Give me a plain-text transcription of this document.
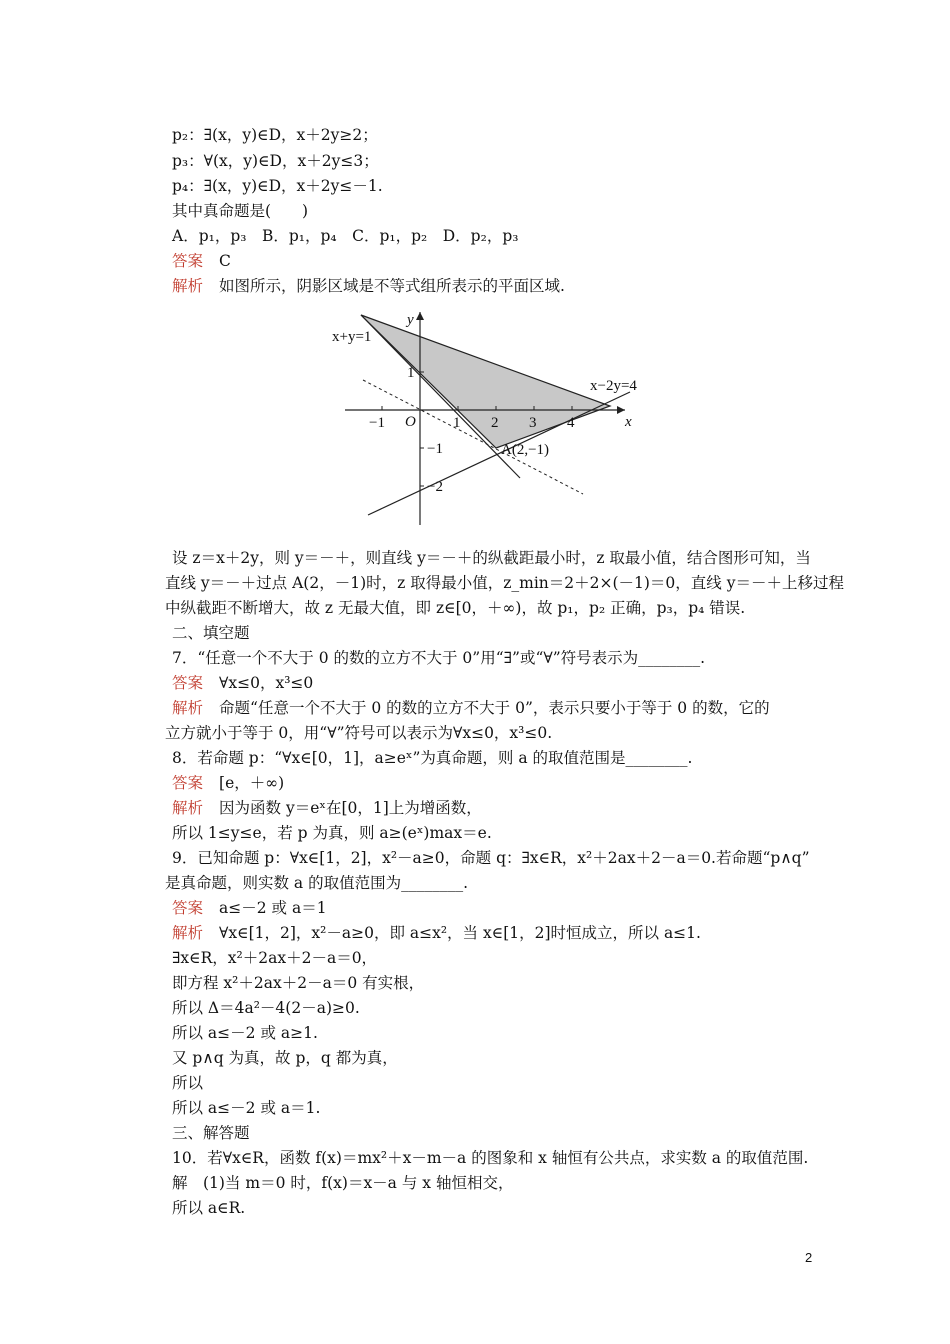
p₂：∃(x，y)∈D，x＋2y≥2；
p₃：∀(x，y)∈D，x＋2y≤3；
p₄：∃(x，y)∈D，x＋2y≤－1.
其中真命题是(　　)
A．p₁，p₃　B．p₁，p₄　C．p₁，p₂　D．p₂，p₃
答案 C
解析 如图所示，阴影区域是不等式组所表示的平面区域.
x+y=1
x−2y=4
x
y
O
−1	1 2 3 4
1
−1
−2
A(2,−1)
设 z＝x＋2y，则 y＝－＋，则直线 y＝－＋的纵截距最小时，z 取最小值，结合图形可知，当
直线 y＝－＋过点 A(2，－1)时，z 取得最小值，z_min＝2＋2×(－1)＝0，直线 y＝－＋上移过程
中纵截距不断增大，故 z 无最大值，即 z∈[0，＋∞)，故 p₁，p₂ 正确，p₃，p₄ 错误.
二、填空题
7．“任意一个不大于 0 的数的立方不大于 0”用“∃”或“∀”符号表示为________.
答案 ∀x≤0，x³≤0
解析 命题“任意一个不大于 0 的数的立方不大于 0”，表示只要小于等于 0 的数，它的
立方就小于等于 0，用“∀”符号可以表示为∀x≤0，x³≤0.
8．若命题 p：“∀x∈[0，1]，a≥eˣ”为真命题，则 a 的取值范围是________.
答案 [e，＋∞)
解析 因为函数 y＝eˣ在[0，1]上为增函数，
所以 1≤y≤e，若 p 为真，则 a≥(eˣ)max＝e.
9．已知命题 p：∀x∈[1，2]，x²－a≥0，命题 q：∃x∈R，x²＋2ax＋2－a＝0.若命题“p∧q”
是真命题，则实数 a 的取值范围为________.
答案 a≤－2 或 a＝1
解析 ∀x∈[1，2]，x²－a≥0，即 a≤x²，当 x∈[1，2]时恒成立，所以 a≤1.
∃x∈R，x²＋2ax＋2－a＝0，
即方程 x²＋2ax＋2－a＝0 有实根，
所以 Δ＝4a²－4(2－a)≥0.
所以 a≤－2 或 a≥1.
又 p∧q 为真，故 p，q 都为真，
所以
所以 a≤－2 或 a＝1.
三、解答题
10．若∀x∈R，函数 f(x)＝mx²＋x－m－a 的图象和 x 轴恒有公共点，求实数 a 的取值范围.
解　(1)当 m＝0 时，f(x)＝x－a 与 x 轴恒相交，
所以 a∈R.
2
